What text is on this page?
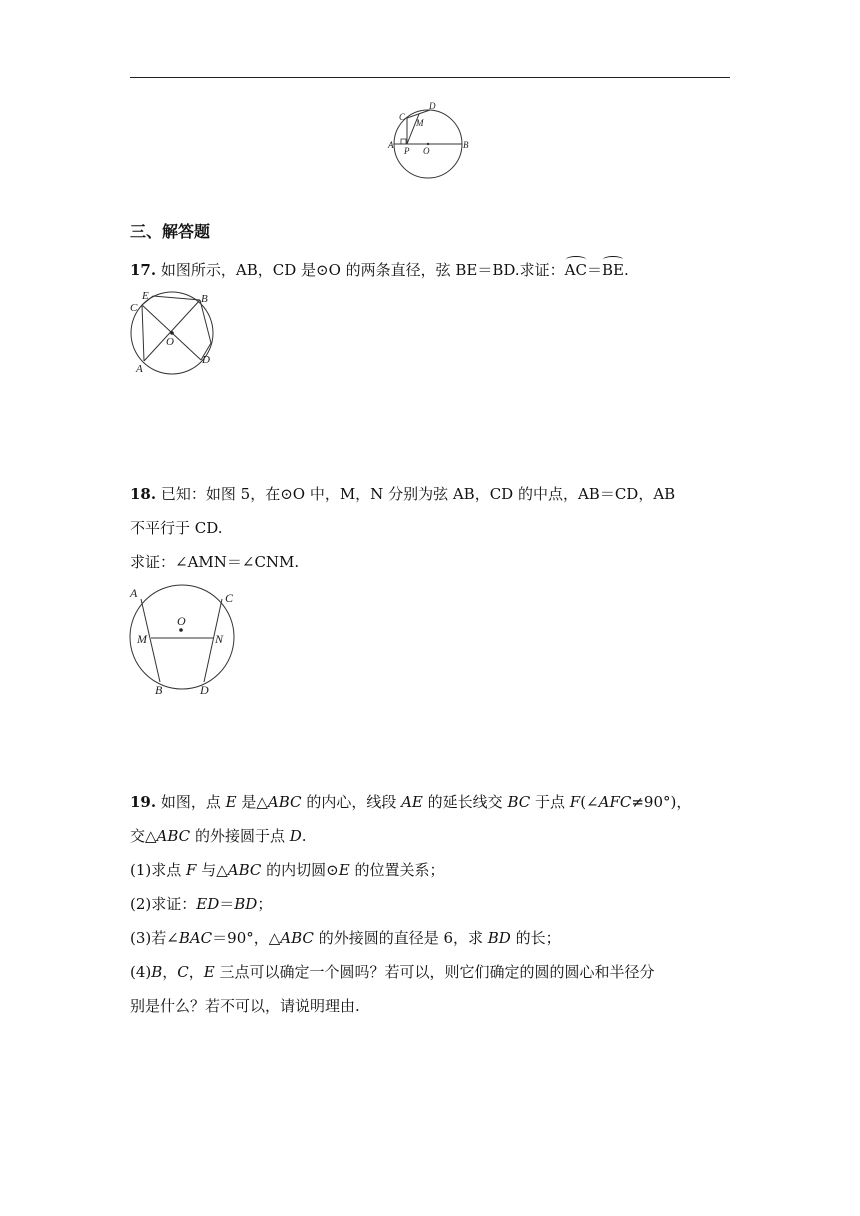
C
D
M
A
P O
B
三、解答题
17. 如图所示，AB，CD 是⊙O 的两条直径，弦 BE＝BD.求证：AC＝BE.
E	B
C
O
A
D
18. 已知：如图 5，在⊙O 中，M，N 分别为弦 AB，CD 的中点，AB＝CD，AB
不平行于 CD.
求证：∠AMN＝∠CNM.
A	C
O
M	N
B	D
19. 如图，点 E 是△ABC 的内心，线段 AE 的延长线交 BC 于点 F(∠AFC≠90°)，
交△ABC 的外接圆于点 D.
(1)求点 F 与△ABC 的内切圆⊙E 的位置关系；
(2)求证：ED＝BD；
(3)若∠BAC＝90°，△ABC 的外接圆的直径是 6，求 BD 的长；
(4)B，C，E 三点可以确定一个圆吗？若可以，则它们确定的圆的圆心和半径分
别是什么？若不可以，请说明理由.
